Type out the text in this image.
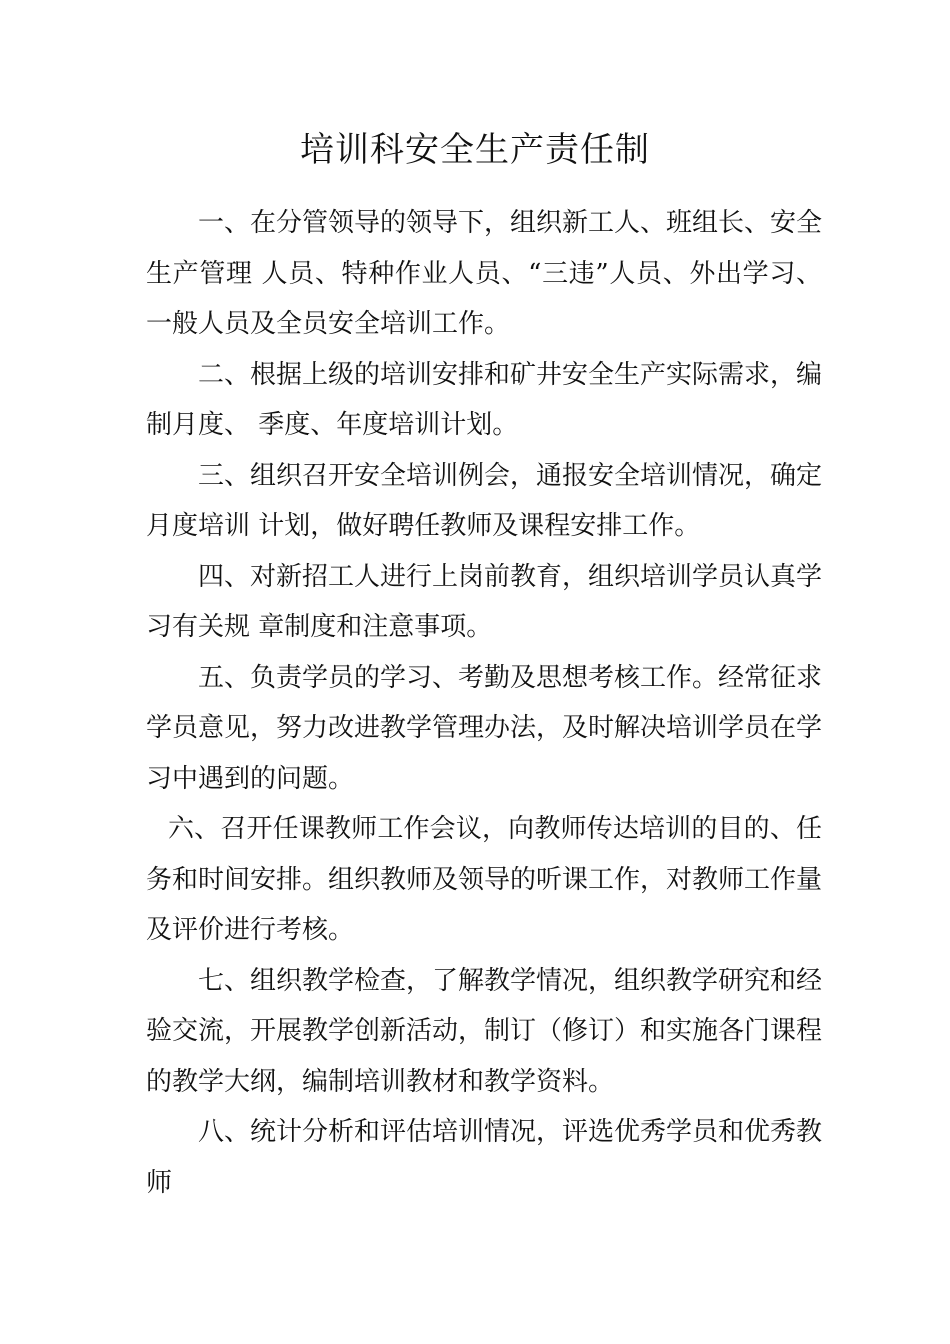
培训科安全生产责任制

一、在分管领导的领导下，组织新工人、班组长、安全生产管理 人员、特种作业人员、“三违”人员、外出学习、一般人员及全员安全培训工作。

二、根据上级的培训安排和矿井安全生产实际需求，编制月度、 季度、年度培训计划。

三、组织召开安全培训例会，通报安全培训情况，确定月度培训 计划，做好聘任教师及课程安排工作。

四、对新招工人进行上岗前教育，组织培训学员认真学习有关规 章制度和注意事项。

五、负责学员的学习、考勤及思想考核工作。经常征求学员意见，努力改进教学管理办法，及时解决培训学员在学习中遇到的问题。

六、召开任课教师工作会议，向教师传达培训的目的、任务和时间安排。组织教师及领导的听课工作，对教师工作量及评价进行考核。

七、组织教学检查，了解教学情况，组织教学研究和经验交流，开展教学创新活动，制订（修订）和实施各门课程的教学大纲，编制培训教材和教学资料。

八、统计分析和评估培训情况，评选优秀学员和优秀教师
